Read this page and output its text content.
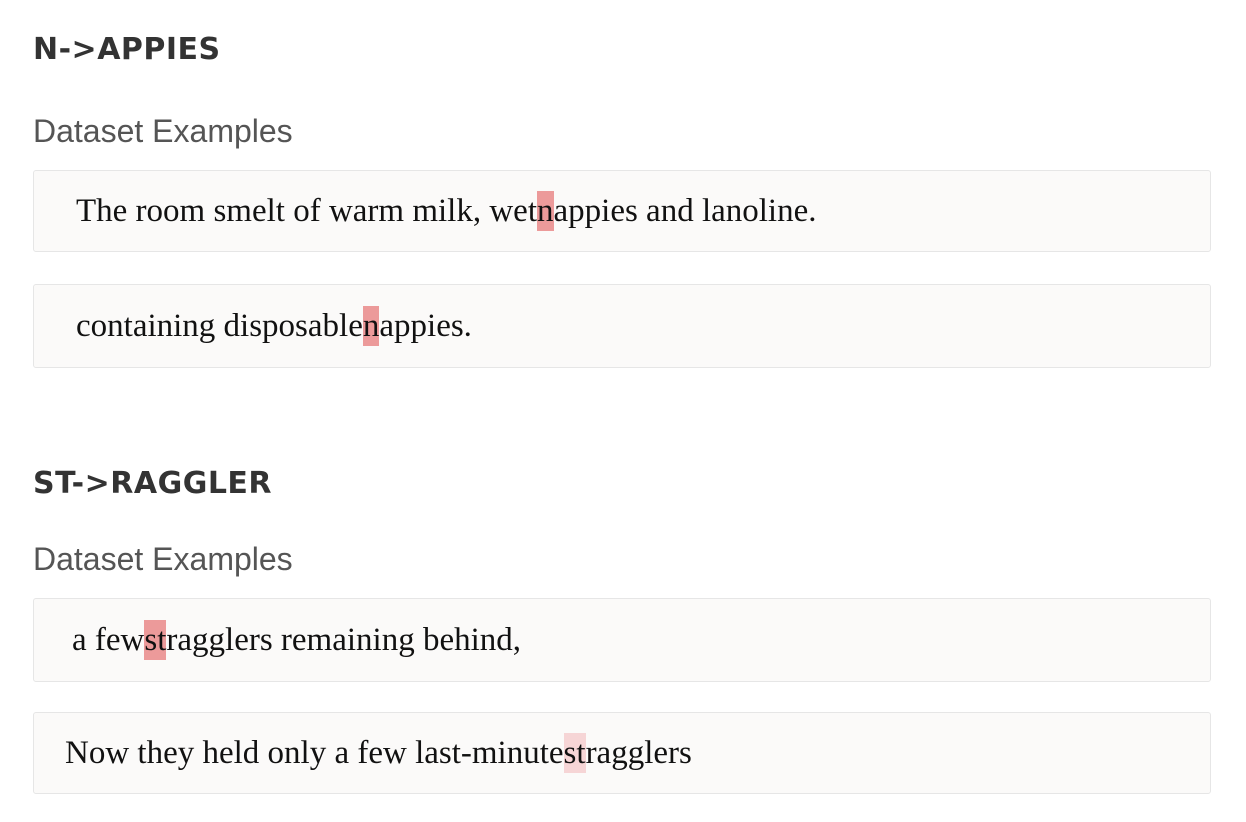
N->APPIES
Dataset Examples
The room smelt of warm milk, wetnappies and lanoline.
containing disposablenappies.
ST->RAGGLER
Dataset Examples
a fewstragglers remaining behind,
Now they held only a few last-minutestragglers
